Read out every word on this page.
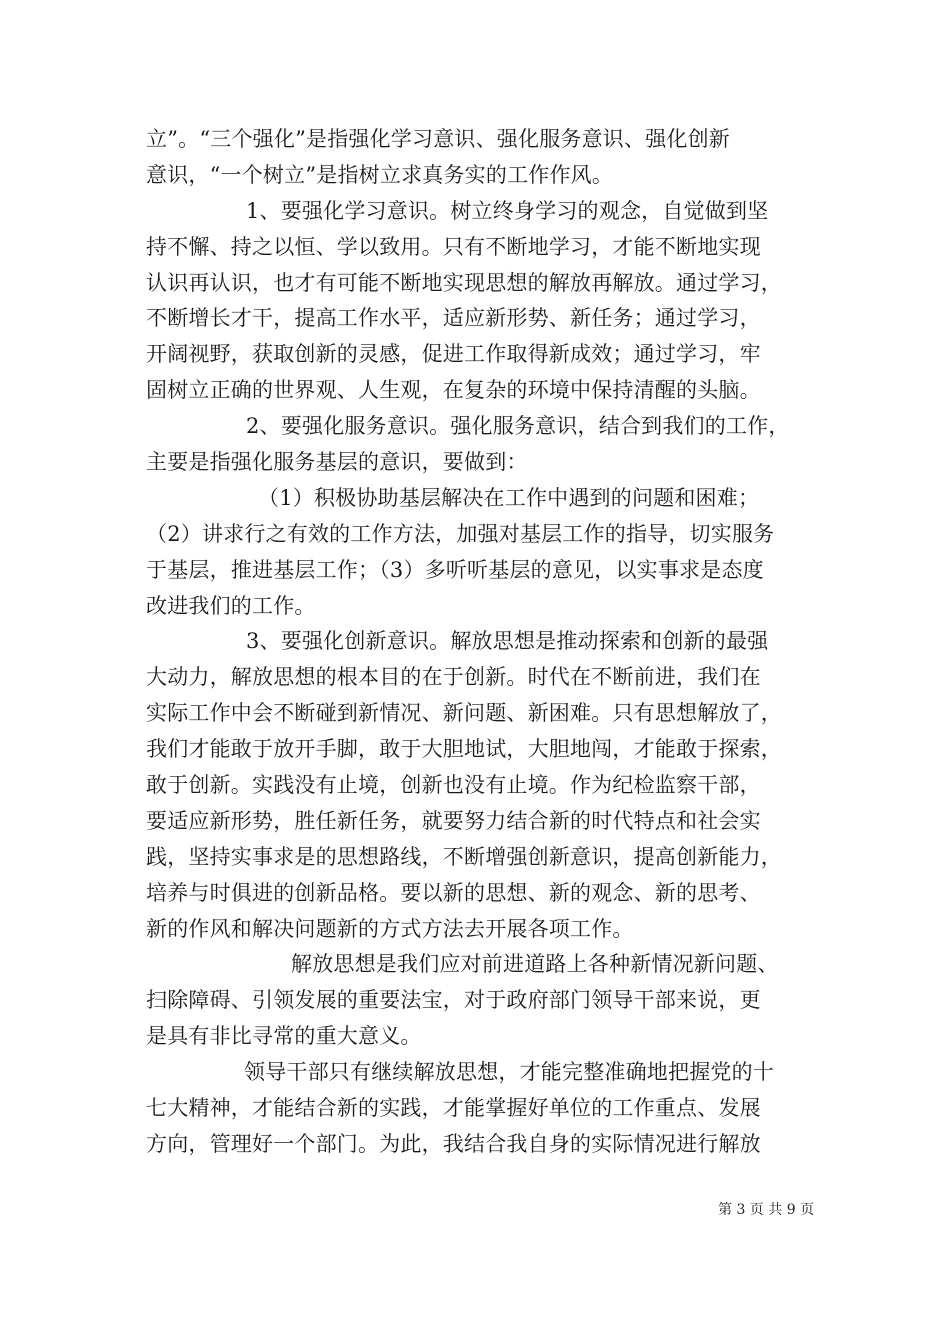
立”。“三个强化”是指强化学习意识、强化服务意识、强化创新
意识，“一个树立”是指树立求真务实的工作作风。
1、要强化学习意识。树立终身学习的观念，自觉做到坚
持不懈、持之以恒、学以致用。只有不断地学习，才能不断地实现
认识再认识，也才有可能不断地实现思想的解放再解放。通过学习，
不断增长才干，提高工作水平，适应新形势、新任务；通过学习，
开阔视野，获取创新的灵感，促进工作取得新成效；通过学习，牢
固树立正确的世界观、人生观，在复杂的环境中保持清醒的头脑。
2、要强化服务意识。强化服务意识，结合到我们的工作，
主要是指强化服务基层的意识，要做到：
（1）积极协助基层解决在工作中遇到的问题和困难；
（2）讲求行之有效的工作方法，加强对基层工作的指导，切实服务
于基层，推进基层工作；（3）多听听基层的意见，以实事求是态度
改进我们的工作。
3、要强化创新意识。解放思想是推动探索和创新的最强
大动力，解放思想的根本目的在于创新。时代在不断前进，我们在
实际工作中会不断碰到新情况、新问题、新困难。只有思想解放了，
我们才能敢于放开手脚，敢于大胆地试，大胆地闯，才能敢于探索，
敢于创新。实践没有止境，创新也没有止境。作为纪检监察干部，
要适应新形势，胜任新任务，就要努力结合新的时代特点和社会实
践，坚持实事求是的思想路线，不断增强创新意识，提高创新能力，
培养与时俱进的创新品格。要以新的思想、新的观念、新的思考、
新的作风和解决问题新的方式方法去开展各项工作。
解放思想是我们应对前进道路上各种新情况新问题、
扫除障碍、引领发展的重要法宝，对于政府部门领导干部来说，更
是具有非比寻常的重大意义。
领导干部只有继续解放思想，才能完整准确地把握党的十
七大精神，才能结合新的实践，才能掌握好单位的工作重点、发展
方向，管理好一个部门。为此，我结合我自身的实际情况进行解放
第 3 页 共 9 页
